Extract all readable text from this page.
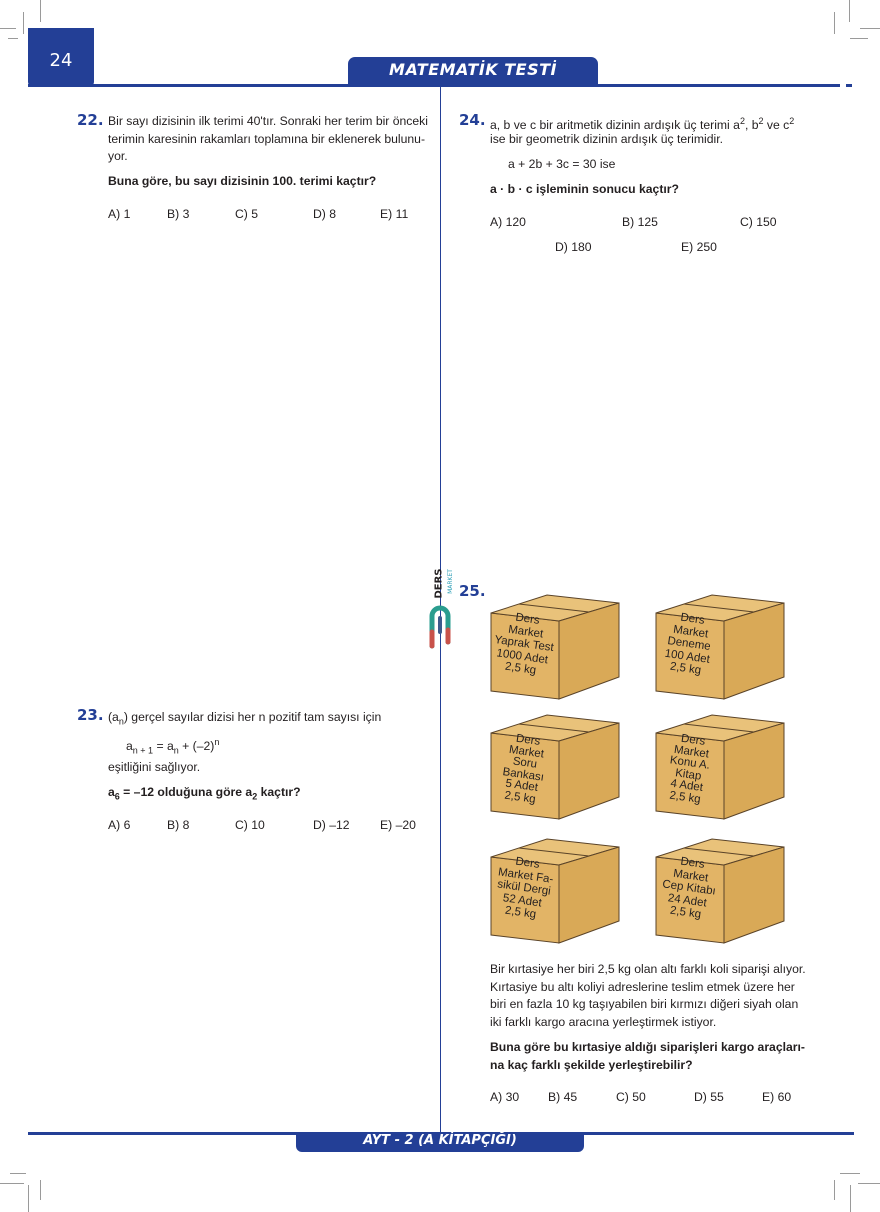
24	MATEMATİK TESTİ
22. Bir sayı dizisinin ilk terimi 40'tır. Sonraki her terim bir önceki
terimin karesinin rakamları toplamına bir eklenerek bulunu-
yor.
Buna göre, bu sayı dizisinin 100. terimi kaçtır?
A) 1	B) 3	C) 5	D) 8	E) 11
23. $(a_n)$ gerçel sayılar dizisi her n pozitif tam sayısı için
$a_{n + 1} = a_n + (-2)^n$
eşitliğini sağlıyor.
$a_6 = -12$ olduğuna göre $a_2$ kaçtır?
A) 6	B) 8	C) 10	D) –12 E) –20
24. a, b ve c bir aritmetik dizinin ardışık üç terimi $a^2$, $b^2$ ve $c^2$
ise bir geometrik dizinin ardışık üç terimidir.
a + 2b + 3c = 30 ise
a · b · c işleminin sonucu kaçtır?
A) 120	B) 125	C) 150
D) 180	E) 250
DERS MARKET 25.
Ders
Market
Yaprak Test
1000 Adet
2,5 kg
Ders
Market
Deneme
100 Adet
2,5 kg
Ders
Market
Soru
Bankası
5 Adet
2,5 kg
Ders
Market
Konu A.
Kitap
4 Adet
2,5 kg
Ders
Market Fa-
sikül Dergi
52 Adet
2,5 kg
Ders
Market
Cep Kitabı
24 Adet
2,5 kg
Bir kırtasiye her biri 2,5 kg olan altı farklı koli siparişi alıyor.
Kırtasiye bu altı koliyi adreslerine teslim etmek üzere her
biri en fazla 10 kg taşıyabilen biri kırmızı diğeri siyah olan
iki farklı kargo aracına yerleştirmek istiyor.
Buna göre bu kırtasiye aldığı siparişleri kargo araçları-
na kaç farklı şekilde yerleştirebilir?
A) 30 B) 45	C) 50	D) 55	E) 60
AYT - 2 (A KİTAPÇIĞI)
